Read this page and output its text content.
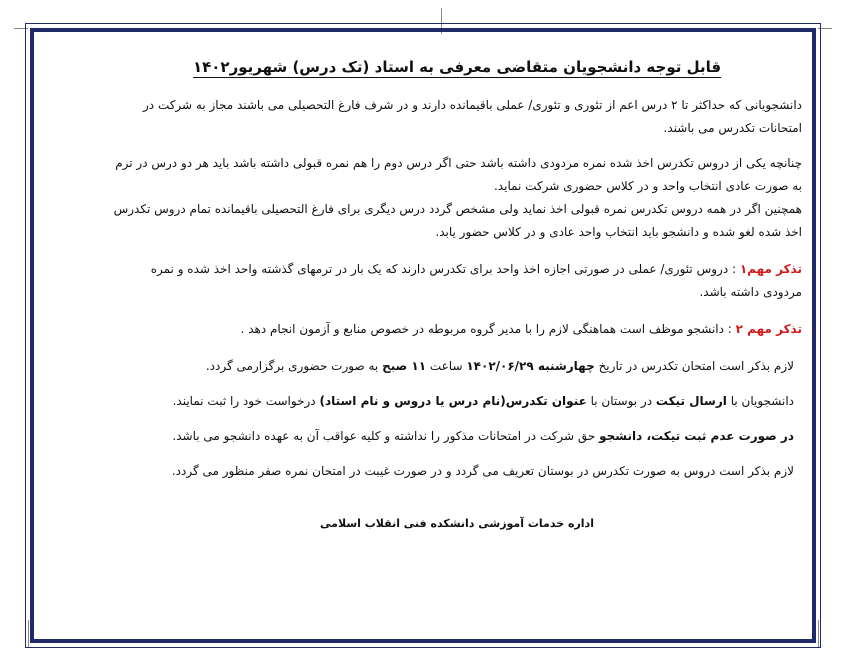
قابل توجه دانشجویان متقاضی معرفی به استاد (تک درس) شهریور۱۴۰۲

دانشجویانی که حداکثر تا ۲ درس اعم از تئوری و تئوری/ عملی باقیمانده دارند و در شرف فارغ التحصیلی می باشند مجاز به شرکت در امتحانات تکدرس می باشند.

چنانچه یکی از دروس تکدرس اخذ شده نمره مردودی داشته باشد حتی اگر درس دوم را هم نمره قبولی داشته باشد باید هر دو درس در ترم به صورت عادی انتخاب واحد و در کلاس حضوری شرکت نماید.

همچنین اگر در همه دروس تکدرس نمره قبولی اخذ نماید ولی مشخص گردد درس دیگری برای فارغ التحصیلی باقیمانده تمام دروس تکدرس اخذ شده لغو شده و دانشجو باید انتخاب واحد عادی و در کلاس حضور یابد.

تذکر مهم۱ : دروس تئوری/ عملی در صورتی اجازه اخذ واحد برای تکدرس دارند که یک بار در ترمهای گذشته واحد اخذ شده و نمره مردودی داشته باشد.

تذکر مهم ۲ : دانشجو موظف است هماهنگی لازم را با مدیر گروه مربوطه در خصوص منابع و آزمون انجام دهد .

لازم بذکر است امتحان تکدرس در تاریخ چهارشنبه ۱۴۰۲/۰۶/۲۹ ساعت ۱۱ صبح به صورت حضوری برگزارمی گردد.

دانشجویان با ارسال تیکت در بوستان با عنوان تکدرس(نام درس یا دروس و نام استاد) درخواست خود را ثبت نمایند.

در صورت عدم ثبت تیکت، دانشجو حق شرکت در امتحانات مذکور را نداشته و کلیه عواقب آن به عهده دانشجو می باشد.

لازم بذکر است دروس به صورت تکدرس در بوستان تعریف می گردد و در صورت غیبت در امتحان نمره صفر منظور می گردد.

اداره خدمات آموزشی دانشکده فنی انقلاب اسلامی
